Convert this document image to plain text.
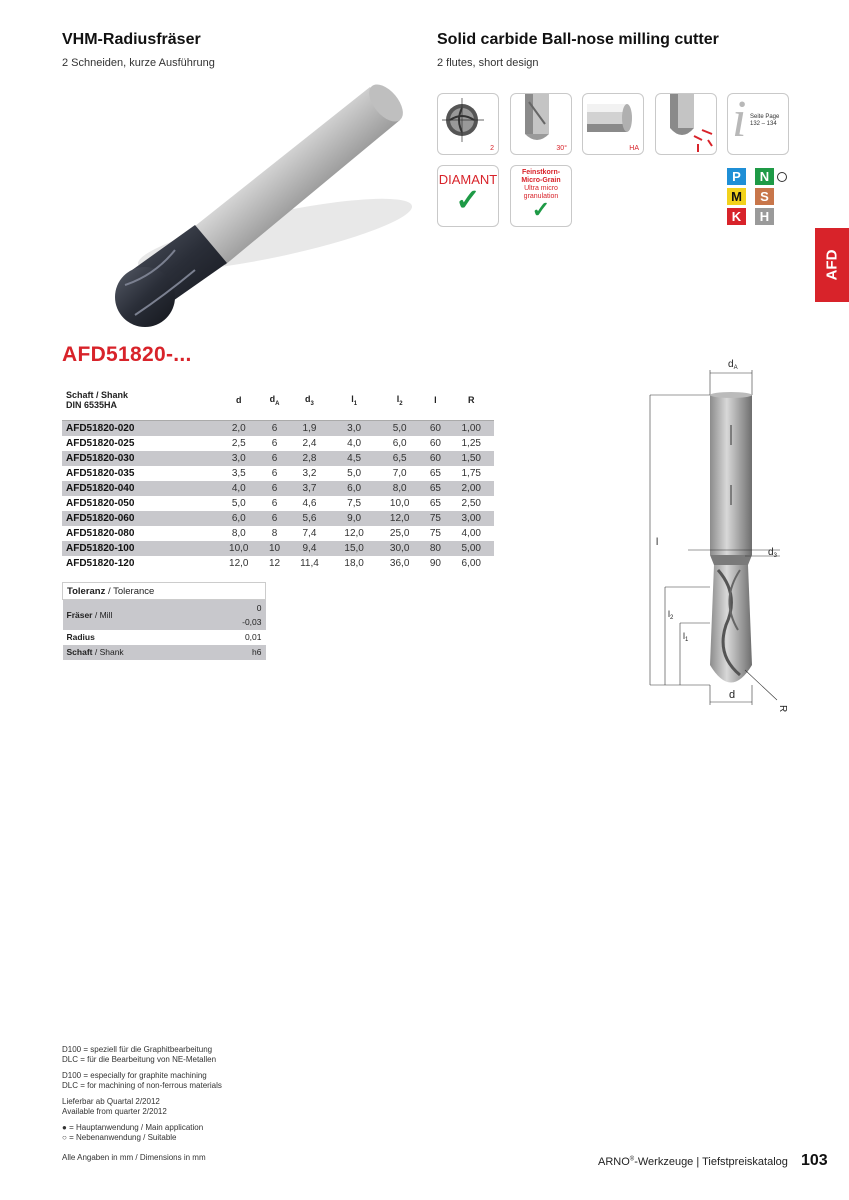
VHM-Radiusfräser
2 Schneiden, kurze Ausführung
Solid carbide Ball-nose milling cutter
2 flutes, short design
AFD
2	30°	HA
i Seite Page
132 – 134
DIAMANT
✓
Feinstkorn-Micro-Grain
Ultra micro granulation
✓
P	N
M	S
K	H
AFD51820-...
Schaft / Shank
DIN 6535HA	d	$d_A$	$d_3$	$l_1$	$l_2$	l	R
AFD51820-020	2,0	6	1,9	3,0	5,0	60	1,00
AFD51820-025	2,5	6	2,4	4,0	6,0	60	1,25
AFD51820-030	3,0	6	2,8	4,5	6,5	60	1,50
AFD51820-035	3,5	6	3,2	5,0	7,0	65	1,75
AFD51820-040	4,0	6	3,7	6,0	8,0	65	2,00
AFD51820-050	5,0	6	4,6	7,5	10,0	65	2,50
AFD51820-060	6,0	6	5,6	9,0	12,0	75	3,00
AFD51820-080	8,0	8	7,4	12,0	25,0	75	4,00
AFD51820-100	10,0	10	9,4	15,0	30,0	80	5,00
AFD51820-120	12,0	12	11,4	18,0	36,0	90	6,00
Toleranz / Tolerance	
Fräser / Mill	0
-0,03

Radius	0,01
Schaft / Shank	h6
$d_A$
$d_3$
l
$l_2$
$l_1$
d
R
D100 = speziell für die Graphitbearbeitung
DLC = für die Bearbeitung von NE-Metallen
D100 = especially for graphite machining
DLC = for machining of non-ferrous materials
Lieferbar ab Quartal 2/2012
Available from quarter 2/2012
● = Hauptanwendung / Main application
○ = Nebenanwendung / Suitable
Alle Angaben in mm / Dimensions in mm	ARNO®-Werkzeuge | Tiefstpreiskatalog 103
